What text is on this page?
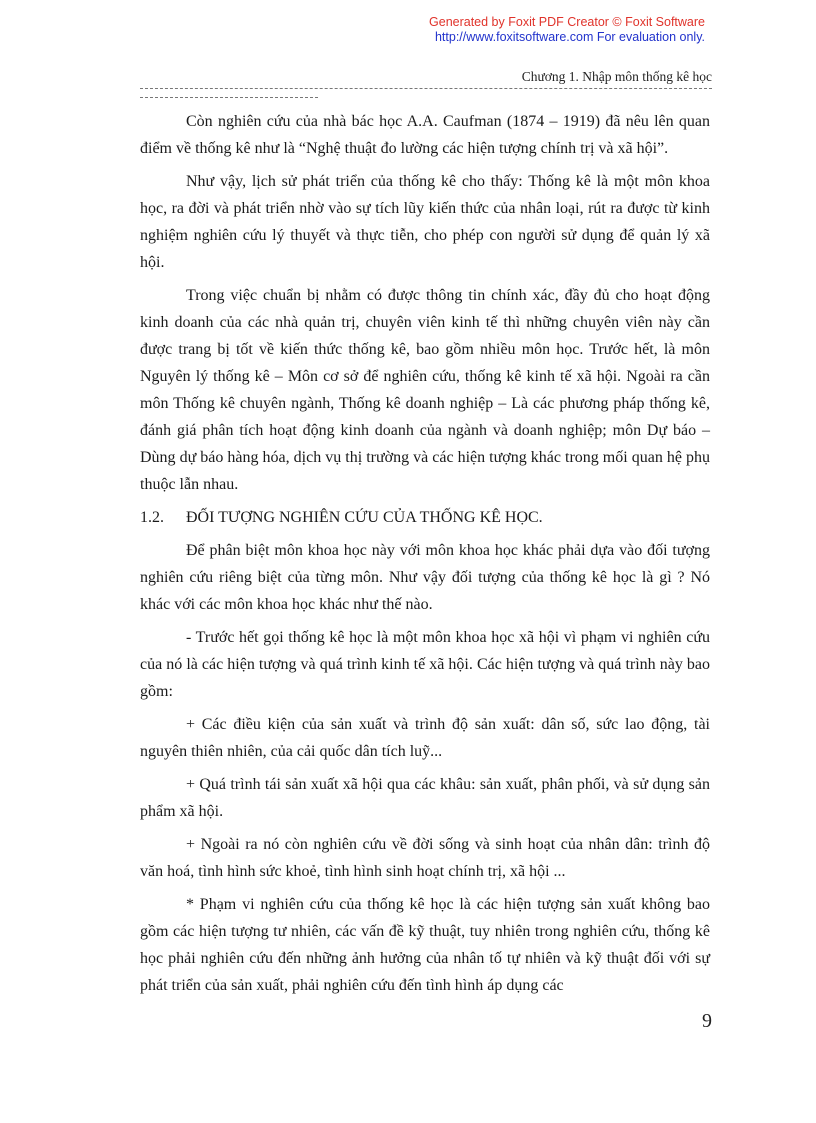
Generated by Foxit PDF Creator © Foxit Software
http://www.foxitsoftware.com For evaluation only.
Chương 1. Nhập môn thống kê học

Còn nghiên cứu của nhà bác học A.A. Caufman (1874 – 1919) đã nêu lên quan điểm về thống kê như là “Nghệ thuật đo lường các hiện tượng chính trị và xã hội”.

Như vậy, lịch sử phát triển của thống kê cho thấy: Thống kê là một môn khoa học, ra đời và phát triển nhờ vào sự tích lũy kiến thức của nhân loại, rút ra được từ kinh nghiệm nghiên cứu lý thuyết và thực tiễn, cho phép con người sử dụng để quản lý xã hội.

Trong việc chuẩn bị nhằm có được thông tin chính xác, đầy đủ cho hoạt động kinh doanh của các nhà quản trị, chuyên viên kinh tế thì những chuyên viên này cần được trang bị tốt về kiến thức thống kê, bao gồm nhiều môn học. Trước hết, là môn Nguyên lý thống kê – Môn cơ sở để nghiên cứu, thống kê kinh tế xã hội. Ngoài ra cần môn Thống kê chuyên ngành, Thống kê doanh nghiệp – Là các phương pháp thống kê, đánh giá phân tích hoạt động kinh doanh của ngành và doanh nghiệp; môn Dự báo – Dùng dự báo hàng hóa, dịch vụ thị trường và các hiện tượng khác trong mối quan hệ phụ thuộc lẫn nhau.

1.2.	ĐỐI TƯỢNG NGHIÊN CỨU CỦA THỐNG KÊ HỌC.

Để phân biệt môn khoa học này với môn khoa học khác phải dựa vào đối tượng nghiên cứu riêng biệt của từng môn. Như vậy đối tượng của thống kê học là gì ? Nó khác với các môn khoa học khác như thế nào.

- Trước hết gọi thống kê học là một môn khoa học xã hội vì phạm vi nghiên cứu của nó là các hiện tượng và quá trình kinh tế xã hội. Các hiện tượng và quá trình này bao gồm:

+ Các điều kiện của sản xuất và trình độ sản xuất: dân số, sức lao động, tài nguyên thiên nhiên, của cải quốc dân tích luỹ...

+ Quá trình tái sản xuất xã hội qua các khâu: sản xuất, phân phối, và sử dụng sản phẩm xã hội.

+ Ngoài ra nó còn nghiên cứu về đời sống và sinh hoạt của nhân dân: trình độ văn hoá, tình hình sức khoẻ, tình hình sinh hoạt chính trị, xã hội ...

* Phạm vi nghiên cứu của thống kê học là các hiện tượng sản xuất không bao gồm các hiện tượng tư nhiên, các vấn đề kỹ thuật, tuy nhiên trong nghiên cứu, thống kê học phải nghiên cứu đến những ảnh hưởng của nhân tố tự nhiên và kỹ thuật đối với sự phát triển của sản xuất, phải nghiên cứu đến tình hình áp dụng các

9
